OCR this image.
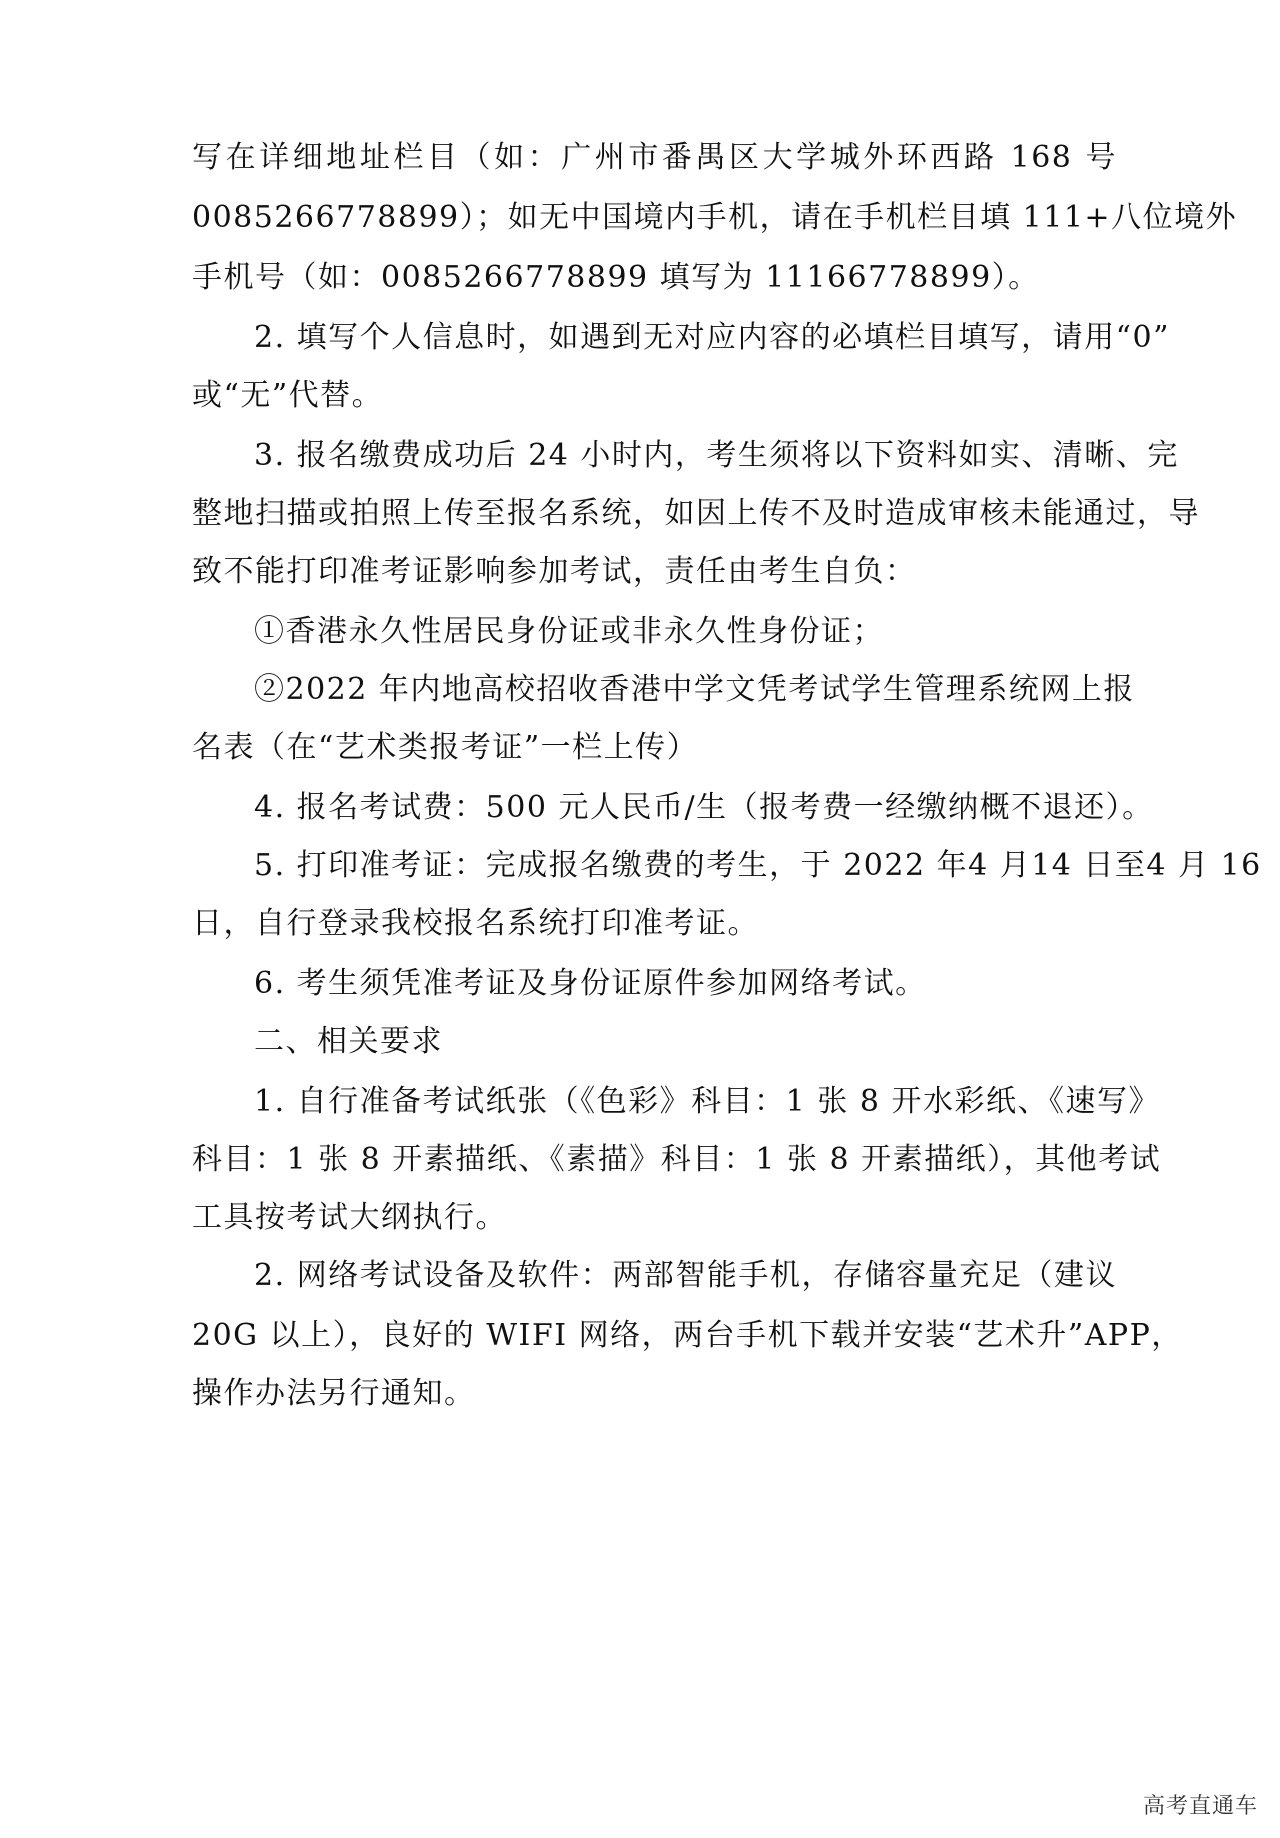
写在详细地址栏目（如：广州市番禺区大学城外环西路 168 号
0085266778899）；如无中国境内手机，请在手机栏目填 111+八位境外
手机号（如：0085266778899 填写为 11166778899）。
2. 填写个人信息时，如遇到无对应内容的必填栏目填写，请用“0”
或“无”代替。
3. 报名缴费成功后 24 小时内，考生须将以下资料如实、清晰、完
整地扫描或拍照上传至报名系统，如因上传不及时造成审核未能通过，导
致不能打印准考证影响参加考试，责任由考生自负：
①香港永久性居民身份证或非永久性身份证；
②2022 年内地高校招收香港中学文凭考试学生管理系统网上报
名表（在“艺术类报考证”一栏上传）
4. 报名考试费：500 元人民币/生（报考费一经缴纳概不退还）。
5. 打印准考证：完成报名缴费的考生，于 2022 年4 月14 日至4 月 16
日，自行登录我校报名系统打印准考证。
6. 考生须凭准考证及身份证原件参加网络考试。
二、相关要求
1. 自行准备考试纸张（《色彩》科目：1 张 8 开水彩纸、《速写》
科目：1 张 8 开素描纸、《素描》科目：1 张 8 开素描纸），其他考试
工具按考试大纲执行。
2. 网络考试设备及软件：两部智能手机，存储容量充足（建议
20G 以上），良好的 WIFI 网络，两台手机下载并安装“艺术升”APP，
操作办法另行通知。
高考直通车
